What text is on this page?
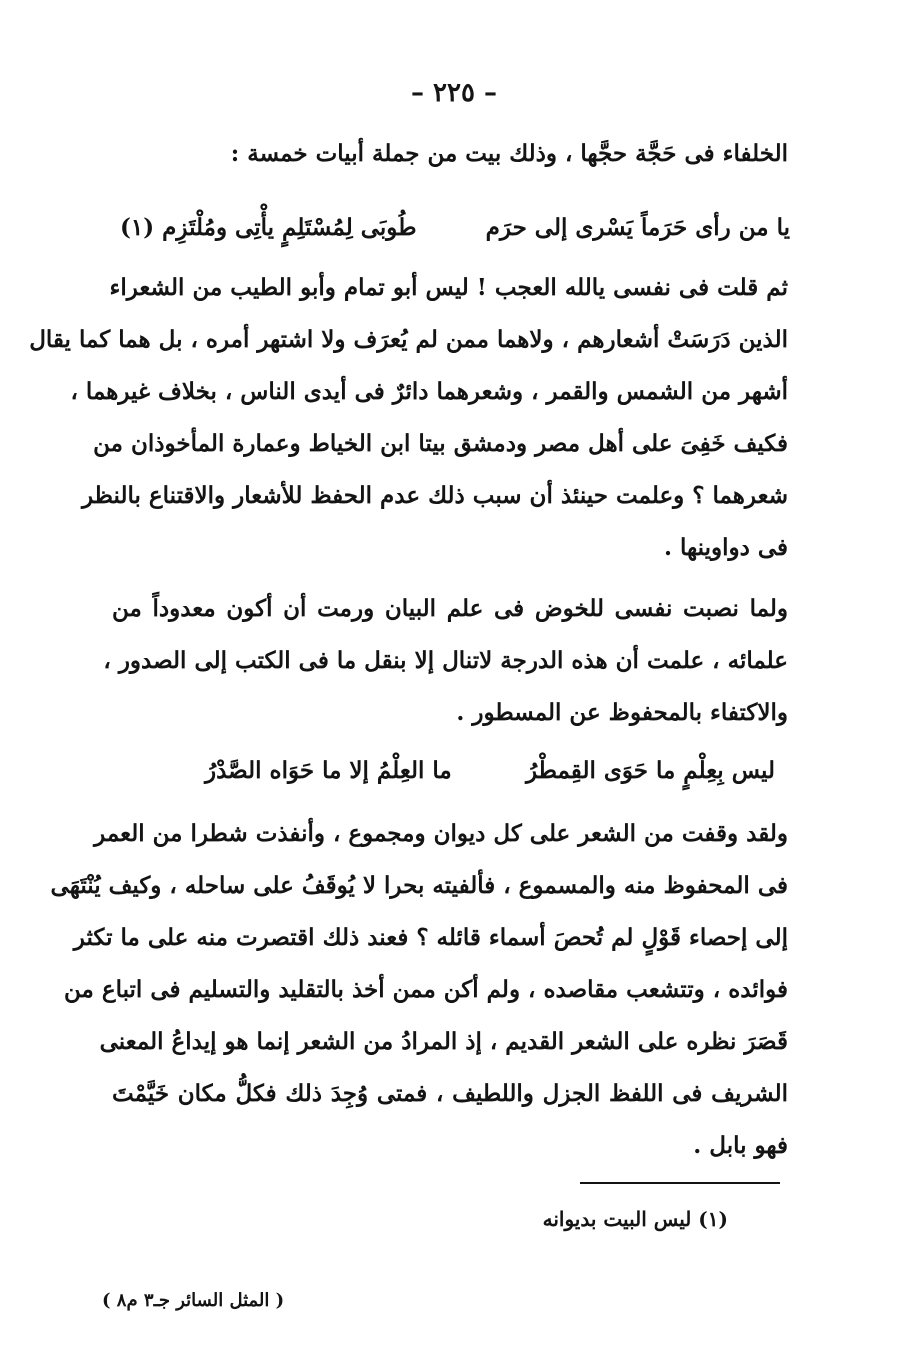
– ٢٢٥ –
الخلفاء فى حَجَّة حجَّها ، وذلك بيت من جملة أبيات خمسة :
يا من رأى حَرَماً يَسْرى إلى حرَم
طُوبَى لِمُسْتَلِمٍ يأْتِى ومُلْتَزِم (١)
ثم قلت فى نفسى يالله العجب ! ليس أبو تمام وأبو الطيب من الشعراء
الذين دَرَسَتْ أشعارهم ، ولاهما ممن لم يُعرَف ولا اشتهر أمره ، بل هما كما يقال
أشهر من الشمس والقمر ، وشعرهما دائرٌ فى أيدى الناس ، بخلاف غيرهما ،
فكيف خَفِىَ على أهل مصر ودمشق بيتا ابن الخياط وعمارة المأخوذان من
شعرهما ؟ وعلمت حينئذ أن سبب ذلك عدم الحفظ للأشعار والاقتناع بالنظر
فى دواوينها .
ولما نصبت نفسى للخوض فى علم البيان ورمت أن أكون معدوداً من
علمائه ، علمت أن هذه الدرجة لاتنال إلا بنقل ما فى الكتب إلى الصدور ،
والاكتفاء بالمحفوظ عن المسطور .
ليس بِعِلْمٍ ما حَوَى القِمطْرُ
ما العِلْمُ إلا ما حَوَاه الصَّدْرُ
ولقد وقفت من الشعر على كل ديوان ومجموع ، وأنفذت شطرا من العمر
فى المحفوظ منه والمسموع ، فألفيته بحرا لا يُوقَفُ على ساحله ، وكيف يُنْتَهَى
إلى إحصاء قَوْلٍ لم تُحصَ أسماء قائله ؟ فعند ذلك اقتصرت منه على ما تكثر
فوائده ، وتتشعب مقاصده ، ولم أكن ممن أخذ بالتقليد والتسليم فى اتباع من
قَصَرَ نظره على الشعر القديم ، إذ المرادُ من الشعر إنما هو إيداعُ المعنى
الشريف فى اللفظ الجزل واللطيف ، فمتى وُجِدَ ذلك فكلُّ مكان خَيَّمْتَ
فهو بابل .
(١) ليس البيت بديوانه
( المثل السائر جـ٣ م٨ )
